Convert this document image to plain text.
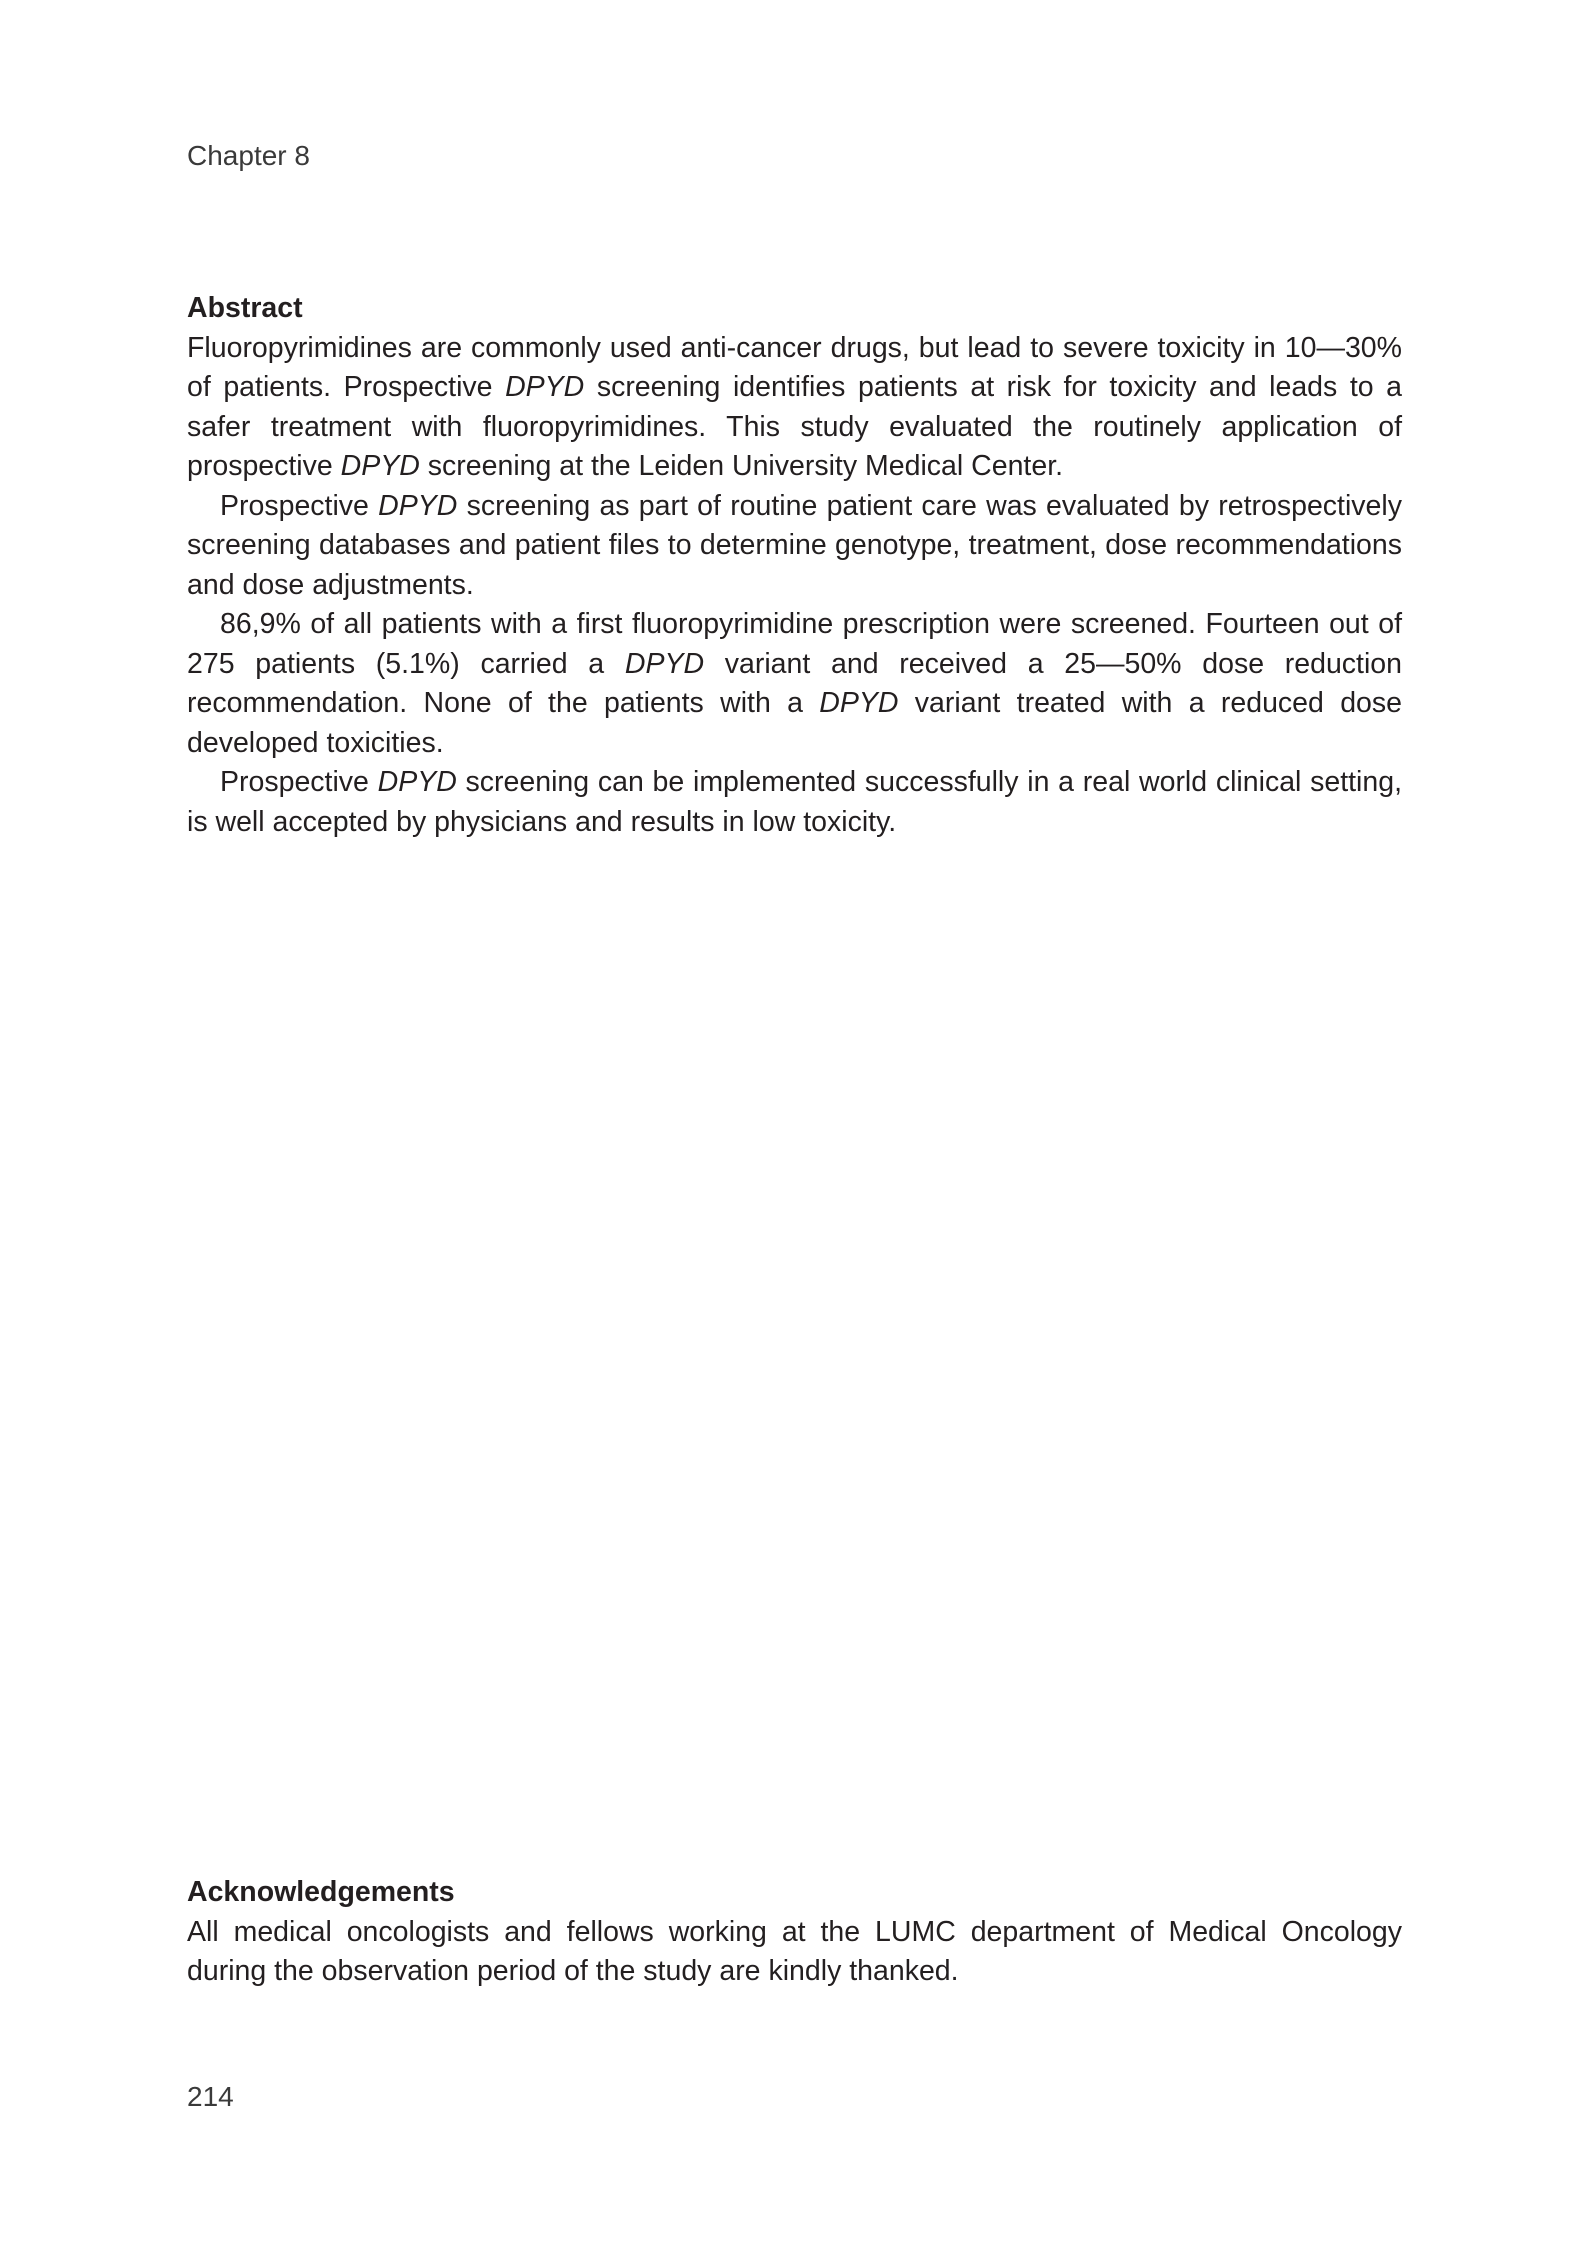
Chapter 8
Abstract

Fluoropyrimidines are commonly used anti-cancer drugs, but lead to severe toxicity in 10—30% of patients. Prospective DPYD screening identifies patients at risk for toxicity and leads to a safer treatment with fluoropyrimidines. This study evaluated the routinely application of prospective DPYD screening at the Leiden University Medical Center.

Prospective DPYD screening as part of routine patient care was evaluated by retrospectively screening databases and patient files to determine genotype, treatment, dose recommendations and dose adjustments.

86,9% of all patients with a first fluoropyrimidine prescription were screened. Fourteen out of 275 patients (5.1%) carried a DPYD variant and received a 25—50% dose reduction recommendation. None of the patients with a DPYD variant treated with a reduced dose developed toxicities.

Prospective DPYD screening can be implemented successfully in a real world clinical setting, is well accepted by physicians and results in low toxicity.

Acknowledgements

All medical oncologists and fellows working at the LUMC department of Medical Oncology during the observation period of the study are kindly thanked.

214
